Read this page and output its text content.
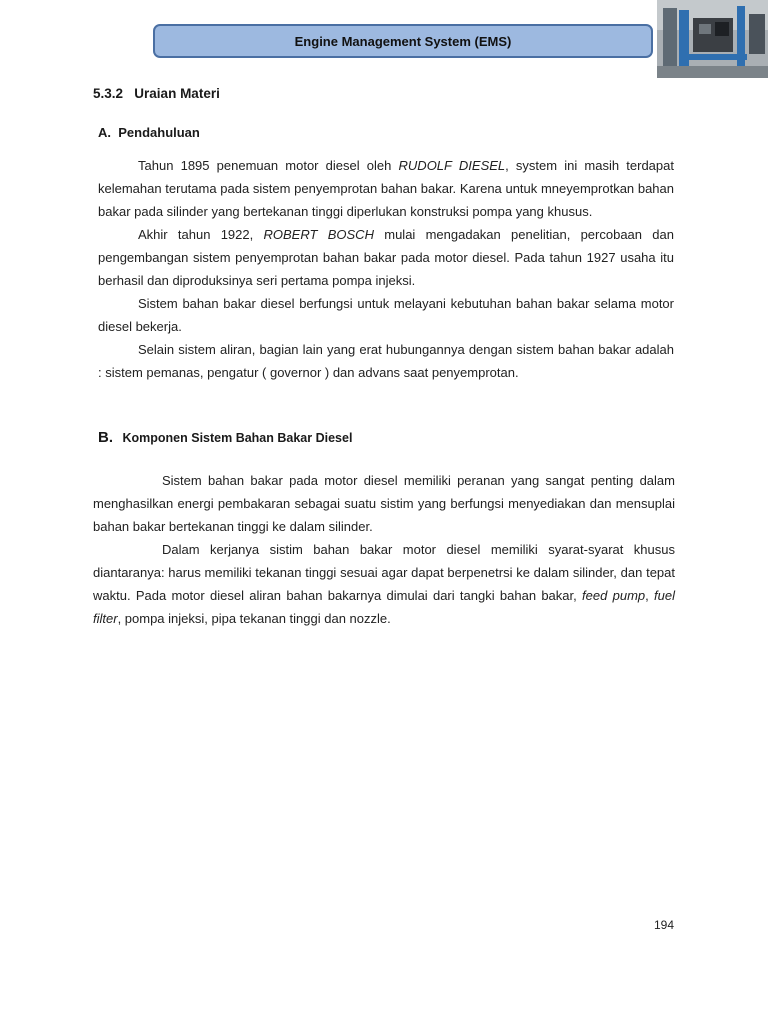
Engine Management System (EMS)
5.3.2 Uraian Materi
A. Pendahuluan

Tahun 1895 penemuan motor diesel oleh RUDOLF DIESEL, system ini masih terdapat kelemahan terutama pada sistem penyemprotan bahan bakar. Karena untuk mneyemprotkan bahan bakar pada silinder yang bertekanan tinggi diperlukan konstruksi pompa yang khusus.

Akhir tahun 1922, ROBERT BOSCH mulai mengadakan penelitian, percobaan dan pengembangan sistem penyemprotan bahan bakar pada motor diesel. Pada tahun 1927 usaha itu berhasil dan diproduksinya seri pertama pompa injeksi.

Sistem bahan bakar diesel berfungsi untuk melayani kebutuhan bahan bakar selama motor diesel bekerja.

Selain sistem aliran, bagian lain yang erat hubungannya dengan sistem bahan bakar adalah : sistem pemanas, pengatur ( governor ) dan advans saat penyemprotan.

B. Komponen Sistem Bahan Bakar Diesel

Sistem bahan bakar pada motor diesel memiliki peranan yang sangat penting dalam menghasilkan energi pembakaran sebagai suatu sistim yang berfungsi menyediakan dan mensuplai bahan bakar bertekanan tinggi ke dalam silinder.

Dalam kerjanya sistim bahan bakar motor diesel memiliki syarat-syarat khusus diantaranya: harus memiliki tekanan tinggi sesuai agar dapat berpenetrsi ke dalam silinder, dan tepat waktu. Pada motor diesel aliran bahan bakarnya dimulai dari tangki bahan bakar, feed pump, fuel filter, pompa injeksi, pipa tekanan tinggi dan nozzle.

194
